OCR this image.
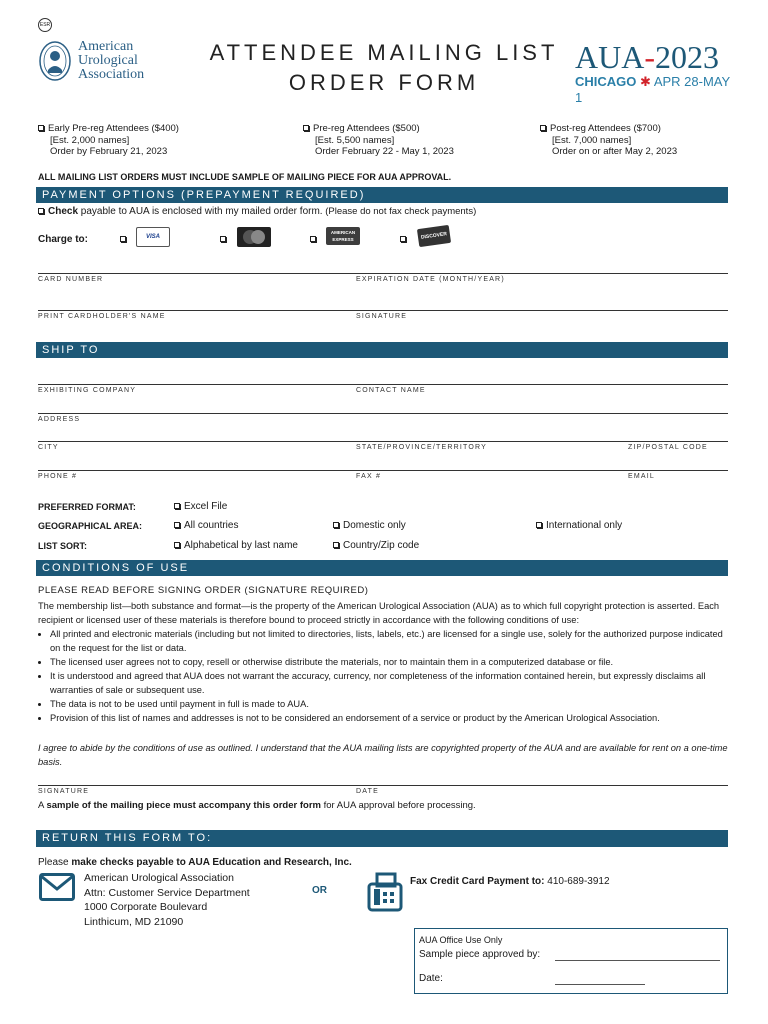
ESR
American
Urological
Association
ATTENDEE MAILING LIST
ORDER FORM
AUA-2023
CHICAGO ✱ APR 28-MAY 1
Early Pre-reg Attendees ($400)
[Est. 2,000 names]
Order by February 21, 2023
Pre-reg Attendees ($500)
[Est. 5,500 names]
Order February 22 - May 1, 2023
Post-reg Attendees ($700)
[Est. 7,000 names]
Order on or after May 2, 2023
ALL MAILING LIST ORDERS MUST INCLUDE SAMPLE OF MAILING PIECE FOR AUA APPROVAL.
PAYMENT OPTIONS (PREPAYMENT REQUIRED)
Check payable to AUA is enclosed with my mailed order form. (Please do not fax check payments)
Charge to:	VISA
AMERICAN EXPRESS	DISCOVER
CARD NUMBER	EXPIRATION DATE (MONTH/YEAR)
PRINT CARDHOLDER'S NAME	SIGNATURE
SHIP TO
EXHIBITING COMPANY	CONTACT NAME
ADDRESS
CITY	STATE/PROVINCE/TERRITORY	ZIP/POSTAL CODE
PHONE #	FAX #	EMAIL
PREFERRED FORMAT:	Excel File
GEOGRAPHICAL AREA:	All countries	Domestic only	International only
LIST SORT:	Alphabetical by last name	Country/Zip code
CONDITIONS OF USE
PLEASE READ BEFORE SIGNING ORDER (SIGNATURE REQUIRED)
The membership list—both substance and format—is the property of the American Urological Association (AUA) as to which full copyright protection is asserted. Each recipient or licensed user of these materials is therefore bound to proceed strictly in accordance with the following conditions of use:
• All printed and electronic materials (including but not limited to directories, lists, labels, etc.) are licensed for a single use, solely for the authorized purpose indicated on the request for the list or data.
• The licensed user agrees not to copy, resell or otherwise distribute the materials, nor to maintain them in a computerized database or file.
• It is understood and agreed that AUA does not warrant the accuracy, currency, nor completeness of the information contained herein, but expressly disclaims all warranties of sale or subsequent use.
• The data is not to be used until payment in full is made to AUA.
• Provision of this list of names and addresses is not to be considered an endorsement of a service or product by the American Urological Association.
I agree to abide by the conditions of use as outlined. I understand that the AUA mailing lists are copyrighted property of the AUA and are available for rent on a one-time basis.
SIGNATURE	DATE
A sample of the mailing piece must accompany this order form for AUA approval before processing.
RETURN THIS FORM TO:
Please make checks payable to AUA Education and Research, Inc.
American Urological Association
Attn: Customer Service Department
1000 Corporate Boulevard
Linthicum, MD 21090
OR
Fax Credit Card Payment to: 410-689-3912
AUA Office Use Only
Sample piece approved by:
Date:
